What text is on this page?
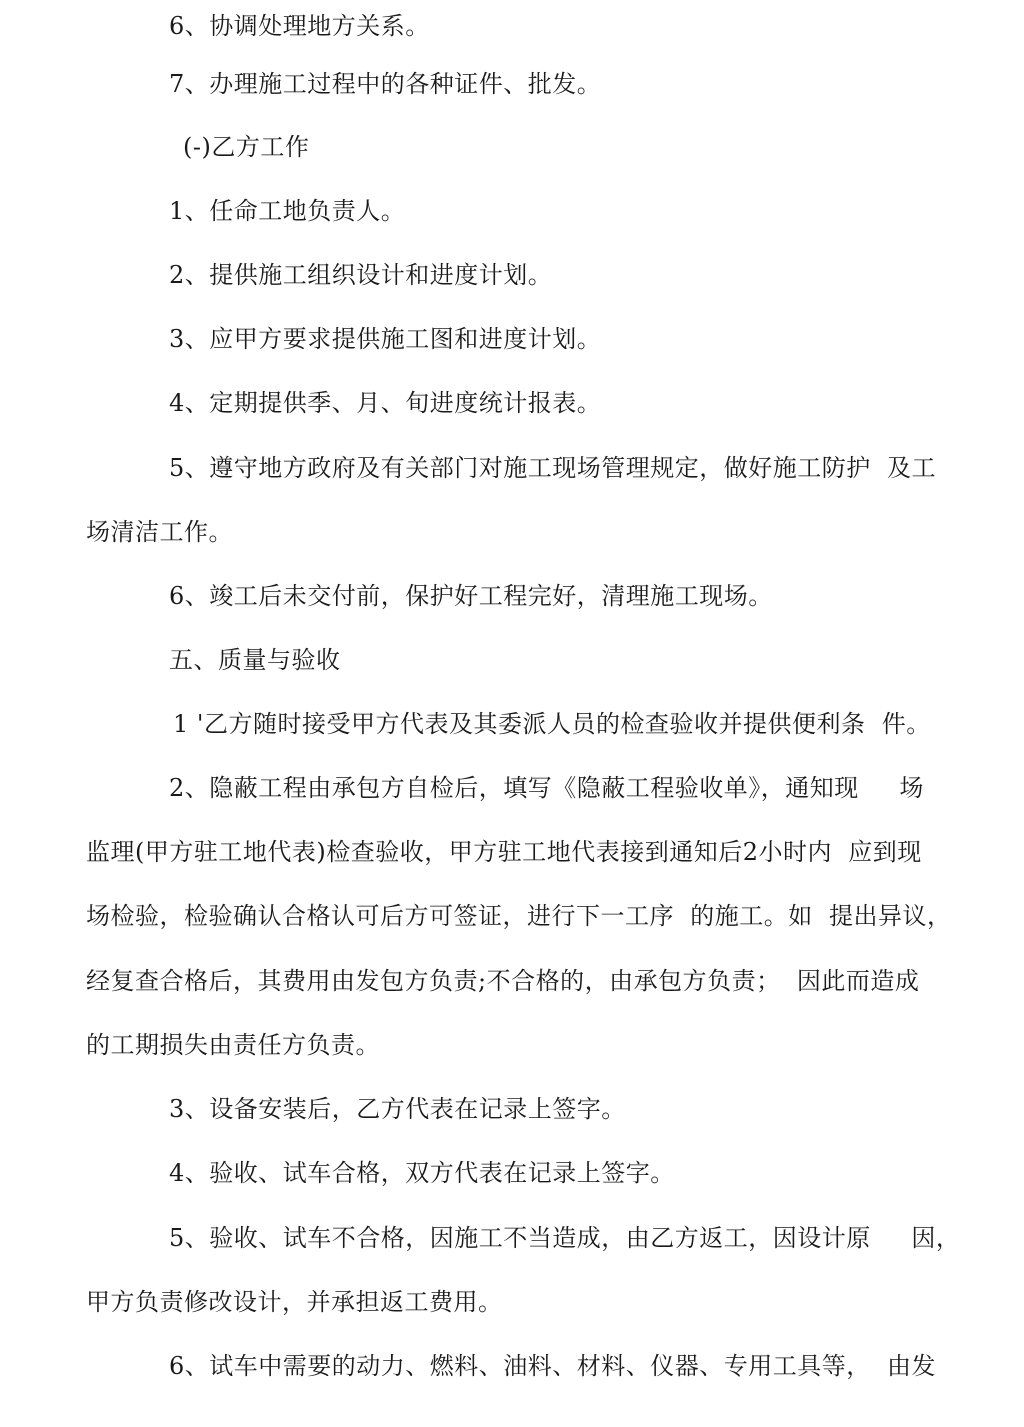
6、协调处理地方关系。
7、办理施工过程中的各种证件、批发。
(-)乙方工作
1、任命工地负责人。
2、提供施工组织设计和进度计划。
3、应甲方要求提供施工图和进度计划。
4、定期提供季、月、旬进度统计报表。
5、遵守地方政府及有关部门对施工现场管理规定，做好施工防护  及工
场清洁工作。
6、竣工后未交付前，保护好工程完好，清理施工现场。
五、质量与验收
1 '乙方随时接受甲方代表及其委派人员的检查验收并提供便利条  件。
2、隐蔽工程由承包方自检后，填写《隐蔽工程验收单》，通知现     场
监理(甲方驻工地代表)检查验收，甲方驻工地代表接到通知后2小时内  应到现
场检验，检验确认合格认可后方可签证，进行下一工序  的施工。如  提出异议，
经复查合格后，其费用由发包方负责;不合格的，由承包方负责；  因此而造成
的工期损失由责任方负责。
3、设备安装后，乙方代表在记录上签字。
4、验收、试车合格，双方代表在记录上签字。
5、验收、试车不合格，因施工不当造成，由乙方返工，因设计原     因，
甲方负责修改设计，并承担返工费用。
6、试车中需要的动力、燃料、油料、材料、仪器、专用工具等，  由发
